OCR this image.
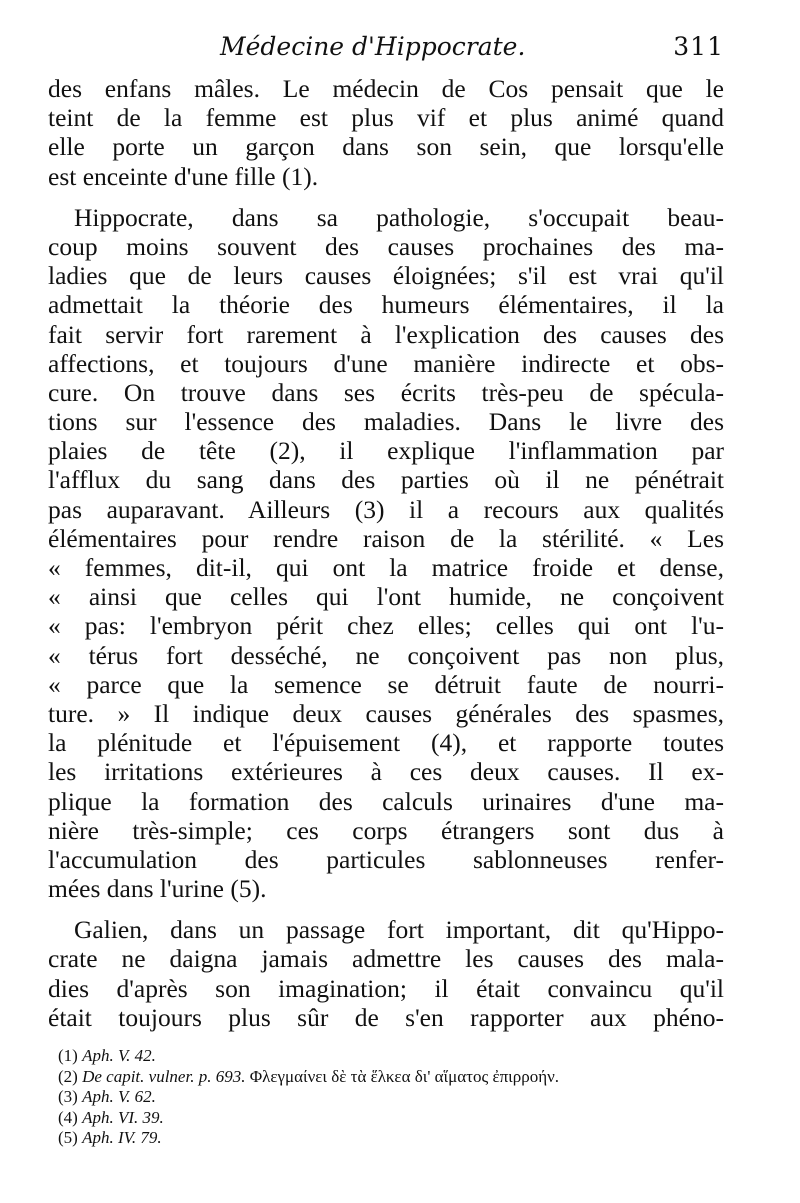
Médecine d'Hippocrate.	311
des enfans mâles. Le médecin de Cos pensait que le
teint de la femme est plus vif et plus animé quand
elle porte un garçon dans son sein, que lorsqu'elle
est enceinte d'une fille (1).
Hippocrate, dans sa pathologie, s'occupait beau-
coup moins souvent des causes prochaines des ma-
ladies que de leurs causes éloignées; s'il est vrai qu'il
admettait la théorie des humeurs élémentaires, il la
fait servir fort rarement à l'explication des causes des
affections, et toujours d'une manière indirecte et obs-
cure. On trouve dans ses écrits très-peu de spécula-
tions sur l'essence des maladies. Dans le livre des
plaies de tête (2), il explique l'inflammation par
l'afflux du sang dans des parties où il ne pénétrait
pas auparavant. Ailleurs (3) il a recours aux qualités
élémentaires pour rendre raison de la stérilité. « Les
« femmes, dit-il, qui ont la matrice froide et dense,
« ainsi que celles qui l'ont humide, ne conçoivent
« pas: l'embryon périt chez elles; celles qui ont l'u-
« térus fort desséché, ne conçoivent pas non plus,
« parce que la semence se détruit faute de nourri-
ture. » Il indique deux causes générales des spasmes,
la plénitude et l'épuisement (4), et rapporte toutes
les irritations extérieures à ces deux causes. Il ex-
plique la formation des calculs urinaires d'une ma-
nière très-simple; ces corps étrangers sont dus à
l'accumulation des particules sablonneuses renfer-
mées dans l'urine (5).
Galien, dans un passage fort important, dit qu'Hippo-
crate ne daigna jamais admettre les causes des mala-
dies d'après son imagination; il était convaincu qu'il
était toujours plus sûr de s'en rapporter aux phéno-
(1) Aph. V. 42.
(2) De capit. vulner. p. 693. Φλεγμαίνει δὲ τὰ ἕλκεα δι' αἵματος ἐπιρροήν.
(3) Aph. V. 62.
(4) Aph. VI. 39.
(5) Aph. IV. 79.
